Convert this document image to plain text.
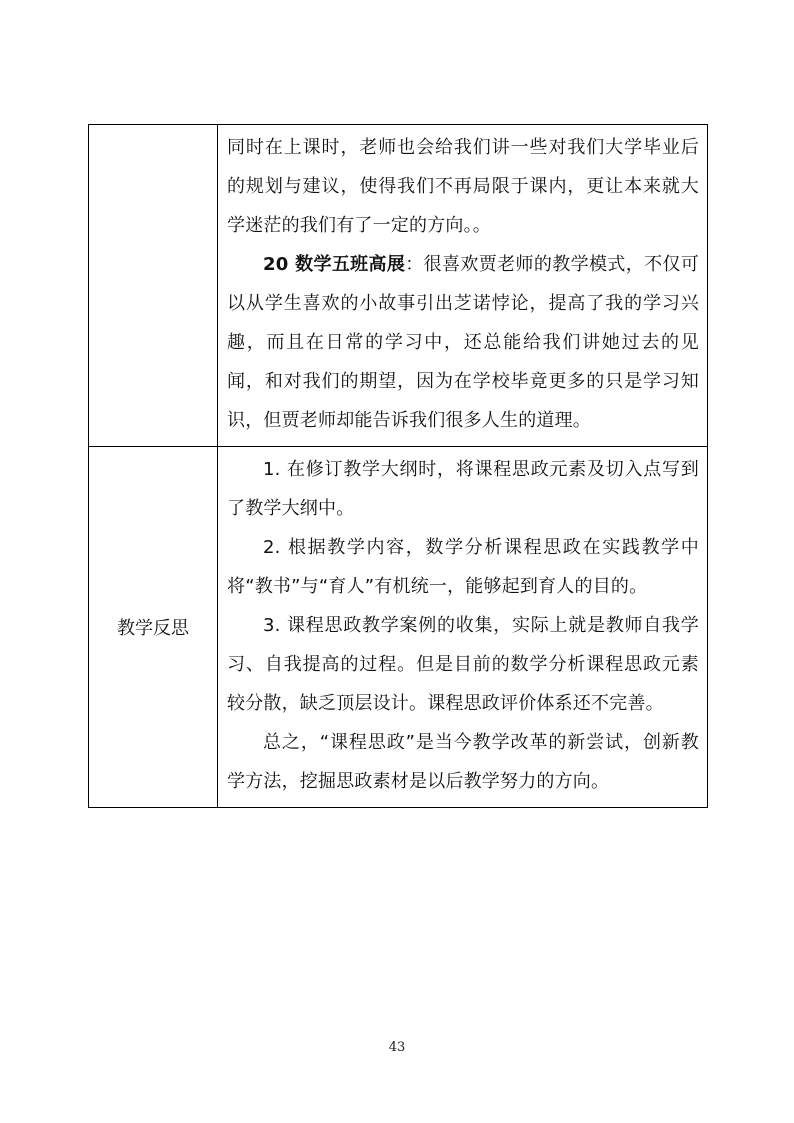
	同时在上课时，老师也会给我们讲一些对我们大学毕业后的规划与建议，使得我们不再局限于课内，更让本来就大学迷茫的我们有了一定的方向。。

20 数学五班高展：很喜欢贾老师的教学模式，不仅可以从学生喜欢的小故事引出芝诺悖论，提高了我的学习兴趣，而且在日常的学习中，还总能给我们讲她过去的见闻，和对我们的期望，因为在学校毕竟更多的只是学习知识，但贾老师却能告诉我们很多人生的道理。

教学反思	1. 在修订教学大纲时，将课程思政元素及切入点写到了教学大纲中。

2. 根据教学内容，数学分析课程思政在实践教学中将“教书”与“育人”有机统一，能够起到育人的目的。

3. 课程思政教学案例的收集，实际上就是教师自我学习、自我提高的过程。但是目前的数学分析课程思政元素较分散，缺乏顶层设计。课程思政评价体系还不完善。

总之，“课程思政”是当今教学改革的新尝试，创新教学方法，挖掘思政素材是以后教学努力的方向。

43
